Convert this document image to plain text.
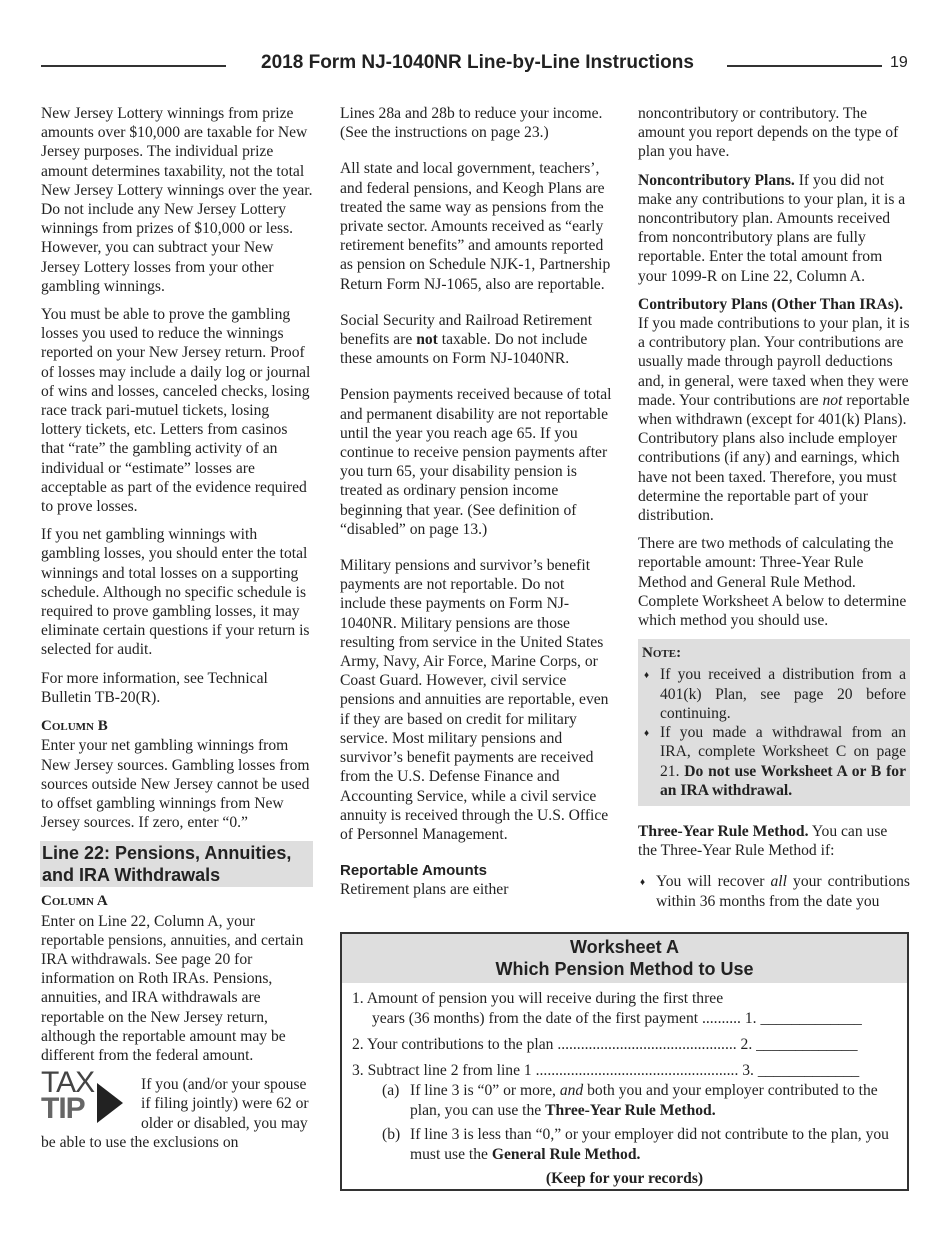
2018 Form NJ-1040NR Line-by-Line Instructions	19

New Jersey Lottery winnings from prize amounts over $10,000 are taxable for New Jersey purposes. The individual prize amount determines taxability, not the total New Jersey Lottery winnings over the year. Do not include any New Jersey Lottery winnings from prizes of $10,000 or less. However, you can subtract your New Jersey Lottery losses from your other gambling winnings.

You must be able to prove the gambling losses you used to reduce the winnings reported on your New Jersey return. Proof of losses may include a daily log or journal of wins and losses, canceled checks, losing race track pari-mutuel tickets, losing lottery tickets, etc. Letters from casinos that “rate” the gambling activity of an individual or “estimate” losses are acceptable as part of the evidence required to prove losses.

If you net gambling winnings with gambling losses, you should enter the total winnings and total losses on a supporting schedule. Although no specific schedule is required to prove gambling losses, it may eliminate certain questions if your return is selected for audit.

For more information, see Technical Bulletin TB-20(R).

Column B

Enter your net gambling winnings from New Jersey sources. Gambling losses from sources outside New Jersey cannot be used to offset gambling winnings from New Jersey sources. If zero, enter “0.”

Line 22: Pensions, Annuities, and IRA Withdrawals
Column A

Enter on Line 22, Column A, your reportable pensions, annuities, and certain IRA withdrawals. See page 20 for information on Roth IRAs. Pensions, annuities, and IRA withdrawals are reportable on the New Jersey return, although the reportable amount may be different from the federal amount.

TAX
TIP
If you (and/or your spouse if filing jointly) were 62 or older or disabled, you may be able to use the exclusions on

Lines 28a and 28b to reduce your income. (See the instructions on page 23.)

All state and local government, teachers’, and federal pensions, and Keogh Plans are treated the same way as pensions from the private sector. Amounts received as “early retirement benefits” and amounts reported as pension on Schedule NJK-1, Partnership Return Form NJ-1065, also are reportable.

Social Security and Railroad Retirement benefits are not taxable. Do not include these amounts on Form NJ-1040NR.

Pension payments received because of total and permanent disability are not reportable until the year you reach age 65. If you continue to receive pension payments after you turn 65, your disability pension is treated as ordinary pension income beginning that year. (See definition of “disabled” on page 13.)

Military pensions and survivor’s benefit payments are not reportable. Do not include these payments on Form NJ-1040NR. Military pensions are those resulting from service in the United States Army, Navy, Air Force, Marine Corps, or Coast Guard. However, civil service pensions and annuities are reportable, even if they are based on credit for military service. Most military pensions and survivor’s benefit payments are received from the U.S. Defense Finance and Accounting Service, while a civil service annuity is received through the U.S. Office of Personnel Management.

Reportable Amounts

Retirement plans are either

noncontributory or contributory. The amount you report depends on the type of plan you have.

Noncontributory Plans. If you did not make any contributions to your plan, it is a noncontributory plan. Amounts received from noncontributory plans are fully reportable. Enter the total amount from your 1099-R on Line 22, Column A.

Contributory Plans (Other Than IRAs). If you made contributions to your plan, it is a contributory plan. Your contributions are usually made through payroll deductions and, in general, were taxed when they were made. Your contributions are not reportable when withdrawn (except for 401(k) Plans). Contributory plans also include employer contributions (if any) and earnings, which have not been taxed. Therefore, you must determine the reportable part of your distribution.

There are two methods of calculating the reportable amount: Three-Year Rule Method and General Rule Method. Complete Worksheet A below to determine which method you should use.

Note:
♦ If you received a distribution from a 401(k) Plan, see page 20 before continuing.
♦ If you made a withdrawal from an IRA, complete Worksheet C on page 21. Do not use Worksheet A or B for an IRA withdrawal.

Three-Year Rule Method. You can use the Three-Year Rule Method if:

♦ You will recover all your contributions within 36 months from the date you
Worksheet A
Which Pension Method to Use
1. Amount of pension you will receive during the first three
years (36 months) from the date of the first payment .......... 1. _____________
2. Your contributions to the plan .............................................. 2. _____________
3. Subtract line 2 from line 1 .................................................... 3. _____________
(a) If line 3 is “0” or more, and both you and your employer contributed to the plan, you can use the Three-Year Rule Method.
(b) If line 3 is less than “0,” or your employer did not contribute to the plan, you must use the General Rule Method.
(Keep for your records)
